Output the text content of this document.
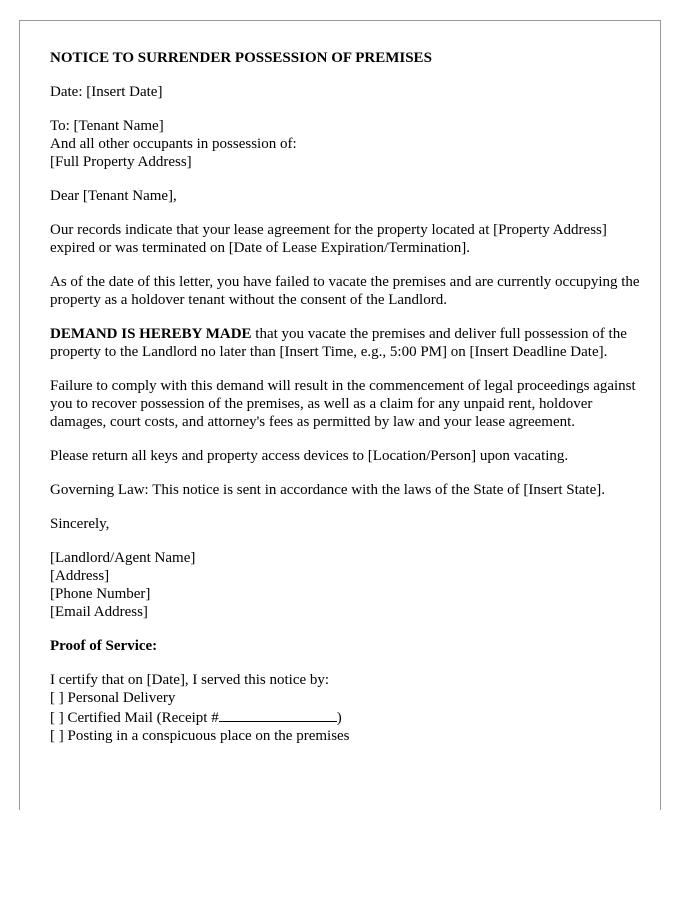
NOTICE TO SURRENDER POSSESSION OF PREMISES

Date: [Insert Date]

To: [Tenant Name]
And all other occupants in possession of:
[Full Property Address]

Dear [Tenant Name],

Our records indicate that your lease agreement for the property located at [Property Address] expired or was terminated on [Date of Lease Expiration/Termination].

As of the date of this letter, you have failed to vacate the premises and are currently occupying the property as a holdover tenant without the consent of the Landlord.

DEMAND IS HEREBY MADE that you vacate the premises and deliver full possession of the property to the Landlord no later than [Insert Time, e.g., 5:00 PM] on [Insert Deadline Date].

Failure to comply with this demand will result in the commencement of legal proceedings against you to recover possession of the premises, as well as a claim for any unpaid rent, holdover damages, court costs, and attorney's fees as permitted by law and your lease agreement.

Please return all keys and property access devices to [Location/Person] upon vacating.

Governing Law: This notice is sent in accordance with the laws of the State of [Insert State].

Sincerely,

[Landlord/Agent Name]
[Address]
[Phone Number]
[Email Address]

Proof of Service:

I certify that on [Date], I served this notice by:
[ ] Personal Delivery
[ ] Certified Mail (Receipt #	)
[ ] Posting in a conspicuous place on the premises
